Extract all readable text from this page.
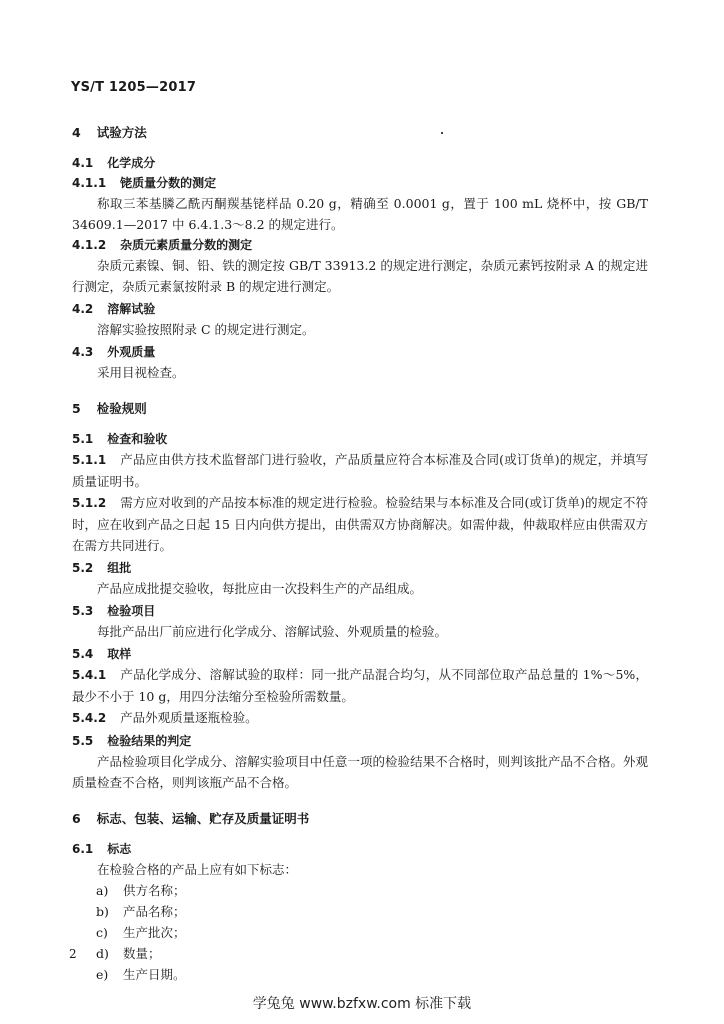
YS/T 1205—2017
4 试验方法
4.1 化学成分
4.1.1 铑质量分数的测定

称取三苯基膦乙酰丙酮羰基铑样品 0.20 g，精确至 0.0001 g，置于 100 mL 烧杯中，按 GB/T 34609.1—2017 中 6.4.1.3～8.2 的规定进行。

4.1.2 杂质元素质量分数的测定

杂质元素镍、铜、铅、铁的测定按 GB/T 33913.2 的规定进行测定，杂质元素钙按附录 A 的规定进行测定，杂质元素氯按附录 B 的规定进行测定。

4.2 溶解试验

溶解实验按照附录 C 的规定进行测定。

4.3 外观质量

采用目视检查。

5 检验规则
5.1 检查和验收

5.1.1 产品应由供方技术监督部门进行验收，产品质量应符合本标准及合同(或订货单)的规定，并填写质量证明书。

5.1.2 需方应对收到的产品按本标准的规定进行检验。检验结果与本标准及合同(或订货单)的规定不符时，应在收到产品之日起 15 日内向供方提出，由供需双方协商解决。如需仲裁，仲裁取样应由供需双方在需方共同进行。

5.2 组批

产品应成批提交验收，每批应由一次投料生产的产品组成。

5.3 检验项目

每批产品出厂前应进行化学成分、溶解试验、外观质量的检验。

5.4 取样

5.4.1 产品化学成分、溶解试验的取样：同一批产品混合均匀，从不同部位取产品总量的 1%～5%，最少不小于 10 g，用四分法缩分至检验所需数量。

5.4.2 产品外观质量逐瓶检验。

5.5 检验结果的判定

产品检验项目化学成分、溶解实验项目中任意一项的检验结果不合格时，则判该批产品不合格。外观质量检查不合格，则判该瓶产品不合格。

6 标志、包装、运输、贮存及质量证明书
6.1 标志

在检验合格的产品上应有如下标志：

a) 供方名称；
b) 产品名称；
c) 生产批次；
d) 数量；
e) 生产日期。
2
学兔兔 www.bzfxw.com 标准下载
